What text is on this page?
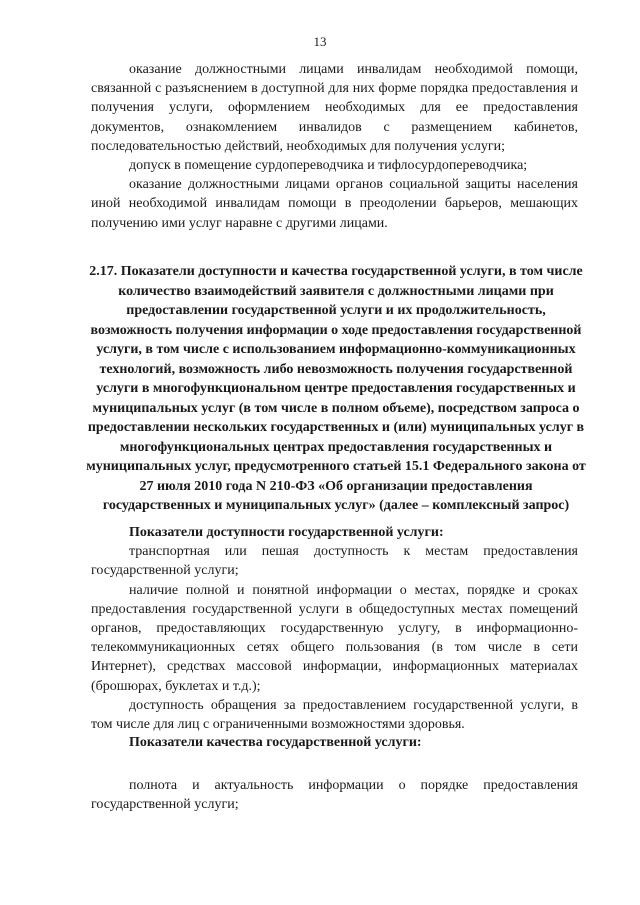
13

оказание должностными лицами инвалидам необходимой помощи, связанной с разъяснением в доступной для них форме порядка предоставления и получения услуги, оформлением необходимых для ее предоставления документов, ознакомлением инвалидов с размещением кабинетов, последовательностью действий, необходимых для получения услуги;

допуск в помещение сурдопереводчика и тифлосурдопереводчика;

оказание должностными лицами органов социальной защиты населения иной необходимой инвалидам помощи в преодолении барьеров, мешающих получению ими услуг наравне с другими лицами.

2.17. Показатели доступности и качества государственной услуги, в том числе количество взаимодействий заявителя с должностными лицами при предоставлении государственной услуги и их продолжительность, возможность получения информации о ходе предоставления государственной услуги, в том числе с использованием информационно-коммуникационных технологий, возможность либо невозможность получения государственной услуги в многофункциональном центре предоставления государственных и муниципальных услуг (в том числе в полном объеме), посредством запроса о предоставлении нескольких государственных и (или) муниципальных услуг в многофункциональных центрах предоставления государственных и муниципальных услуг, предусмотренного статьей 15.1 Федерального закона от 27 июля 2010 года N 210-ФЗ «Об организации предоставления государственных и муниципальных услуг» (далее – комплексный запрос)

Показатели доступности государственной услуги:

транспортная или пешая доступность к местам предоставления государственной услуги;

наличие полной и понятной информации о местах, порядке и сроках предоставления государственной услуги в общедоступных местах помещений органов, предоставляющих государственную услугу, в информационно-телекоммуникационных сетях общего пользования (в том числе в сети Интернет), средствах массовой информации, информационных материалах (брошюрах, буклетах и т.д.);

доступность обращения за предоставлением государственной услуги, в том числе для лиц с ограниченными возможностями здоровья.

Показатели качества государственной услуги:

полнота и актуальность информации о порядке предоставления государственной услуги;
